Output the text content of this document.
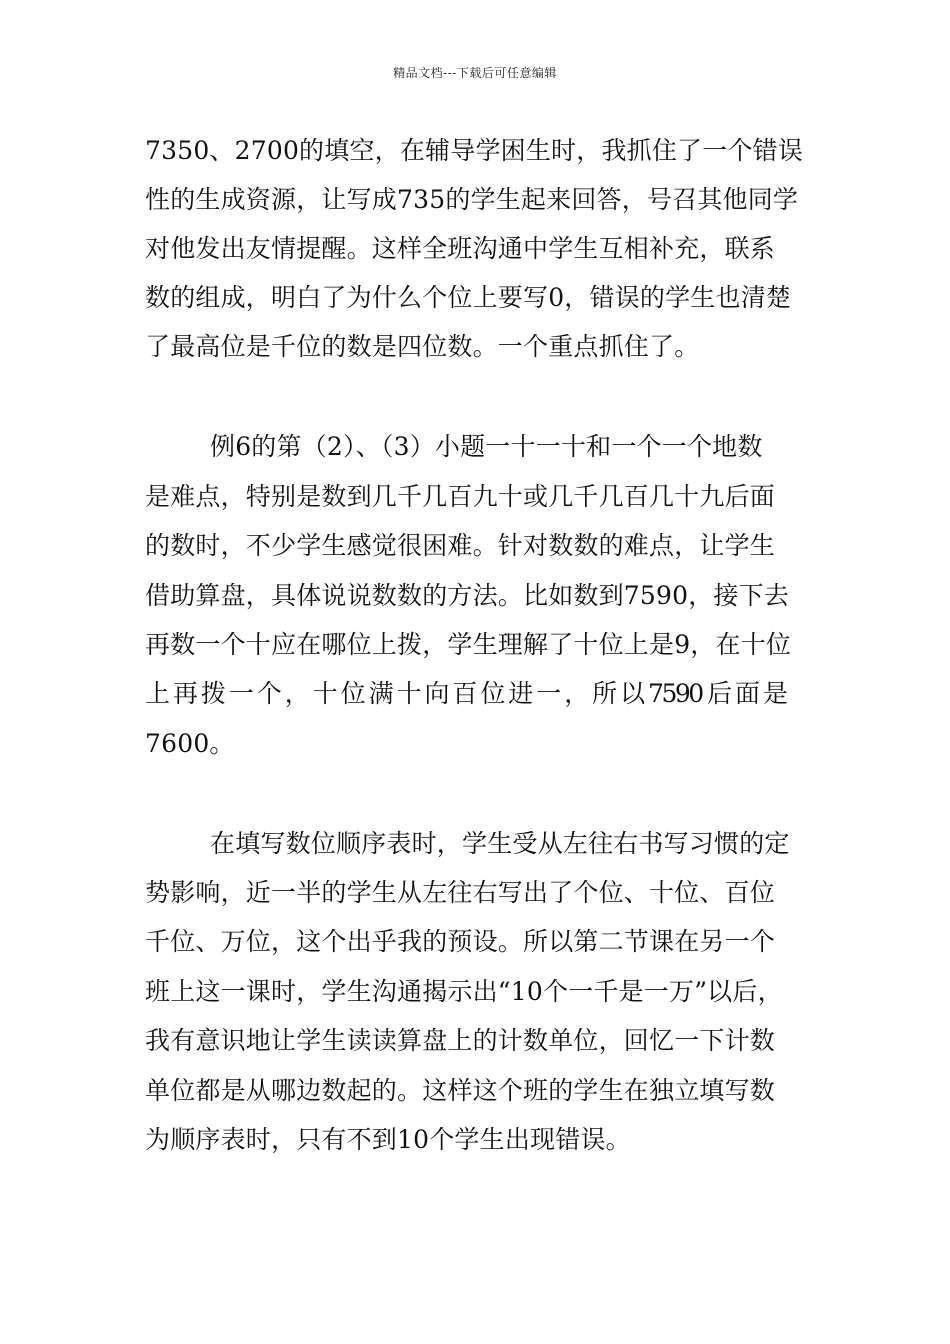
精品文档---下载后可任意编辑
7350、2700的填空，在辅导学困生时，我抓住了一个错误
性的生成资源，让写成735的学生起来回答，号召其他同学
对他发出友情提醒。这样全班沟通中学生互相补充，联系
数的组成，明白了为什么个位上要写0，错误的学生也清楚
了最高位是千位的数是四位数。一个重点抓住了。
例6的第（2）、（3）小题一十一十和一个一个地数
是难点，特别是数到几千几百九十或几千几百几十九后面
的数时，不少学生感觉很困难。针对数数的难点，让学生
借助算盘，具体说说数数的方法。比如数到7590，接下去
再数一个十应在哪位上拨，学生理解了十位上是9，在十位
上 再 拨 一 个 ， 十 位 满 十 向 百 位 进 一 ， 所 以 7590 后 面 是
7600。
在填写数位顺序表时，学生受从左往右书写习惯的定
势影响，近一半的学生从左往右写出了个位、十位、百位
千位、万位，这个出乎我的预设。所以第二节课在另一个
班上这一课时，学生沟通揭示出“10个一千是一万”以后，
我有意识地让学生读读算盘上的计数单位，回忆一下计数
单位都是从哪边数起的。这样这个班的学生在独立填写数
为顺序表时，只有不到10个学生出现错误。
